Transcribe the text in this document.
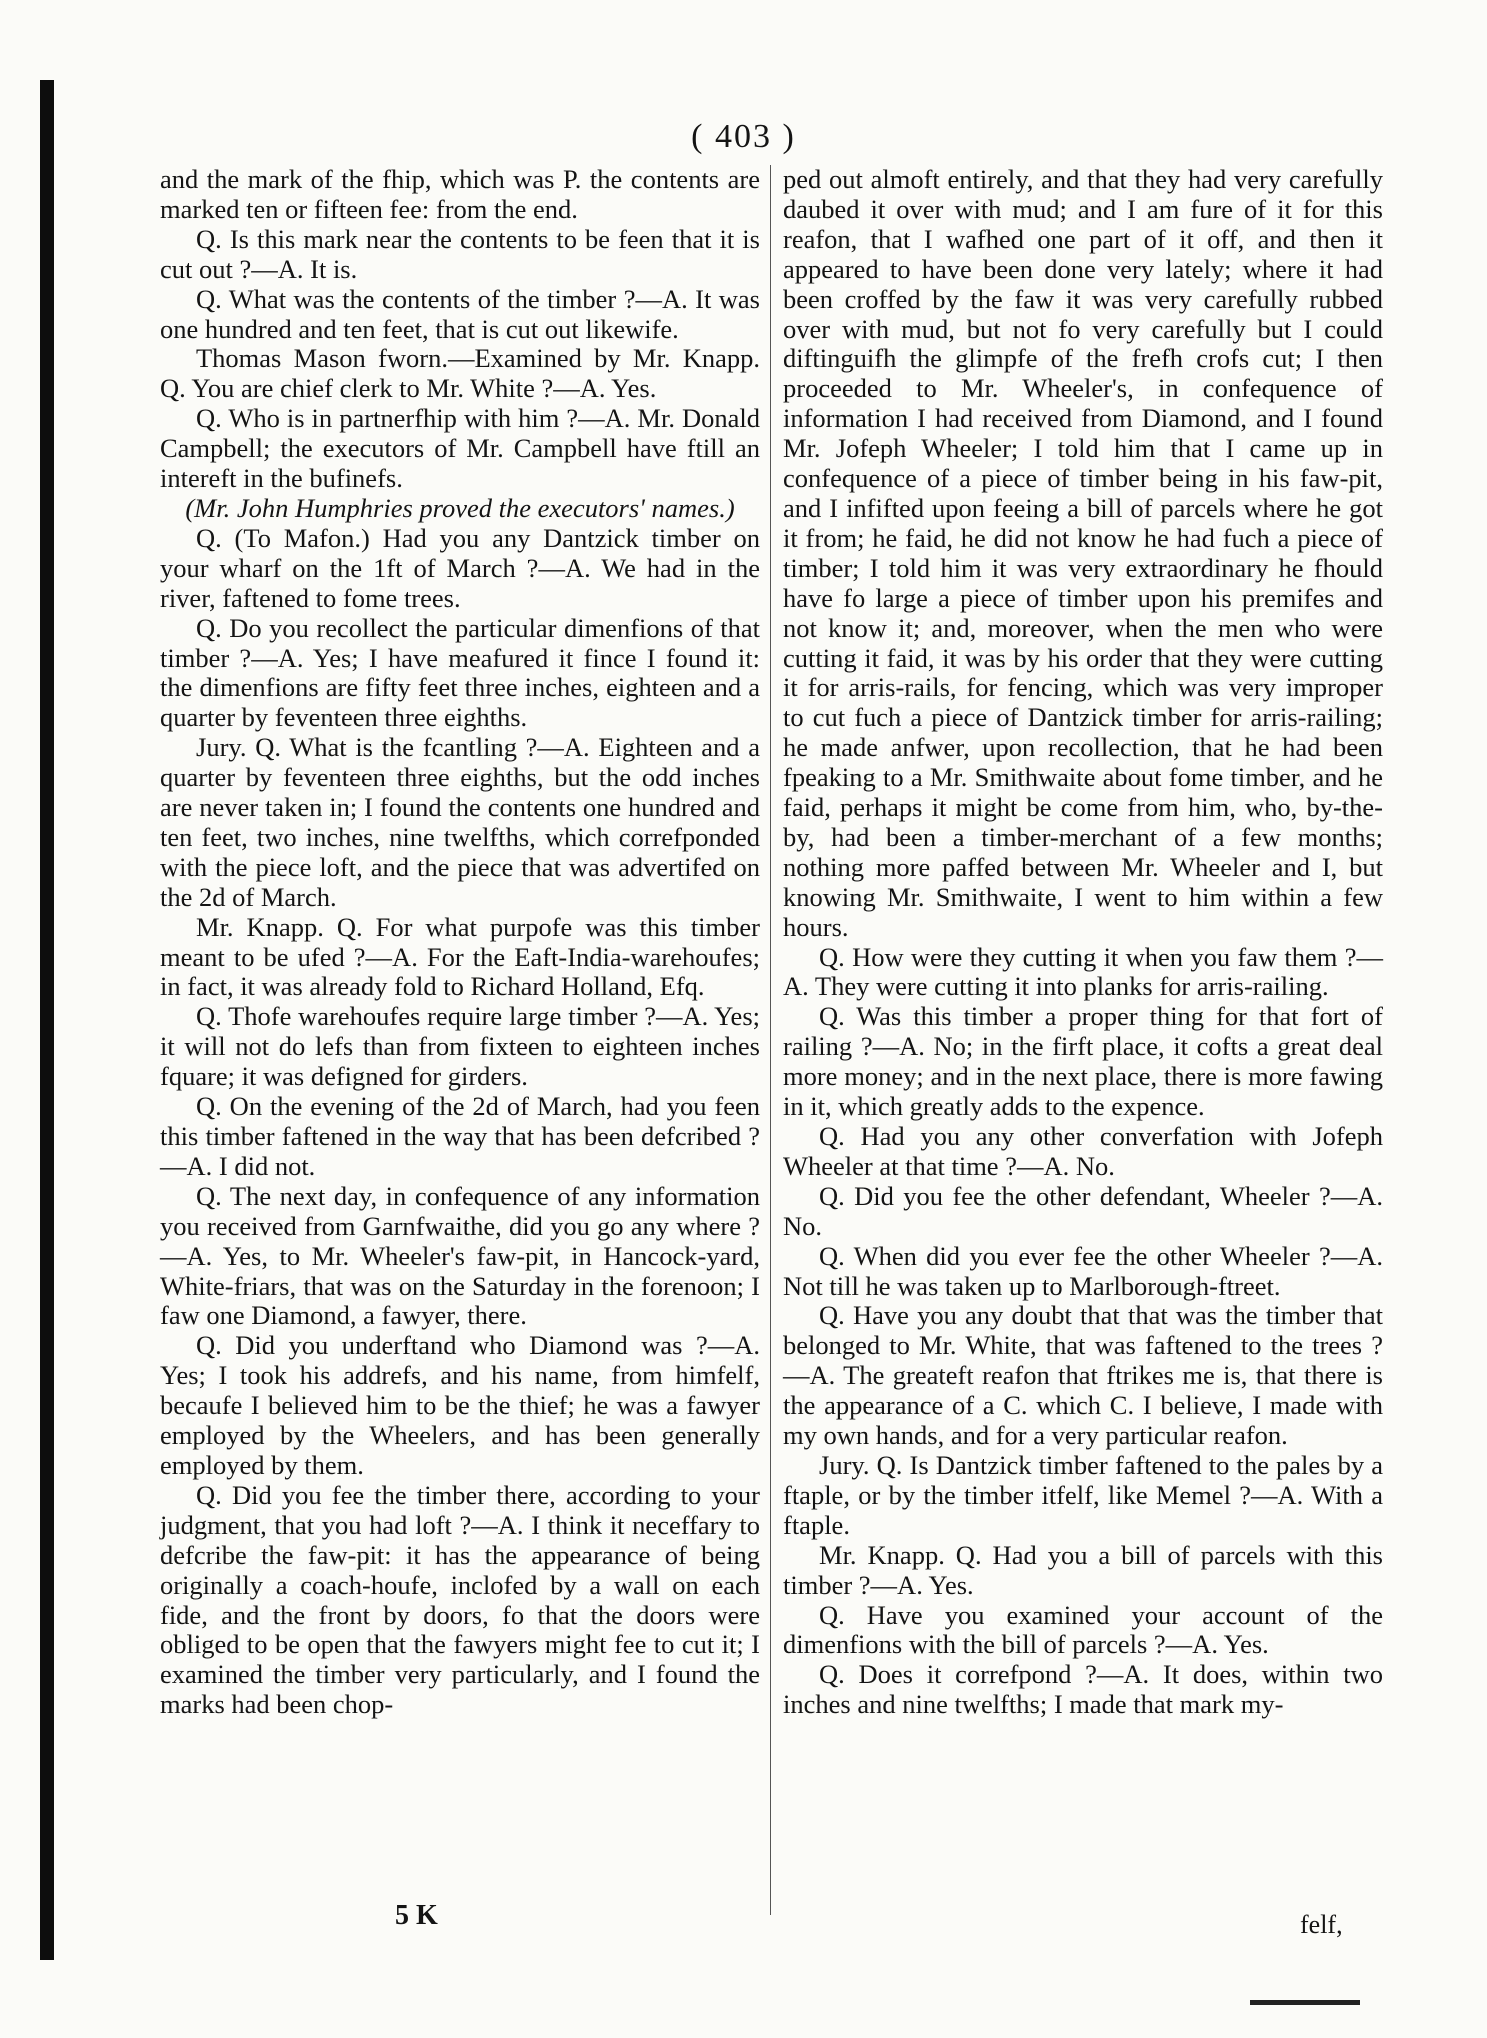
( 403 )

and the mark of the fhip, which was P. the contents are marked ten or fifteen fee: from the end.

Q. Is this mark near the contents to be feen that it is cut out ?—A. It is.

Q. What was the contents of the timber ?—A. It was one hundred and ten feet, that is cut out likewife.

Thomas Mason fworn.—Examined by Mr. Knapp. Q. You are chief clerk to Mr. White ?—A. Yes.

Q. Who is in partnerfhip with him ?—A. Mr. Donald Campbell; the executors of Mr. Campbell have ftill an intereft in the bufinefs.

(Mr. John Humphries proved the executors' names.)

Q. (To Mafon.) Had you any Dantzick timber on your wharf on the 1ft of March ?—A. We had in the river, faftened to fome trees.

Q. Do you recollect the particular dimenfions of that timber ?—A. Yes; I have meafured it fince I found it: the dimenfions are fifty feet three inches, eighteen and a quarter by feventeen three eighths.

Jury. Q. What is the fcantling ?—A. Eighteen and a quarter by feventeen three eighths, but the odd inches are never taken in; I found the contents one hundred and ten feet, two inches, nine twelfths, which correfponded with the piece loft, and the piece that was advertifed on the 2d of March.

Mr. Knapp. Q. For what purpofe was this timber meant to be ufed ?—A. For the Eaft-India-warehoufes; in fact, it was already fold to Richard Holland, Efq.

Q. Thofe warehoufes require large timber ?—A. Yes; it will not do lefs than from fixteen to eighteen inches fquare; it was defigned for girders.

Q. On the evening of the 2d of March, had you feen this timber faftened in the way that has been defcribed ?—A. I did not.

Q. The next day, in confequence of any information you received from Garnfwaithe, did you go any where ?—A. Yes, to Mr. Wheeler's faw-pit, in Hancock-yard, White-friars, that was on the Saturday in the forenoon; I faw one Diamond, a fawyer, there.

Q. Did you underftand who Diamond was ?—A. Yes; I took his addrefs, and his name, from himfelf, becaufe I believed him to be the thief; he was a fawyer employed by the Wheelers, and has been generally employed by them.

Q. Did you fee the timber there, according to your judgment, that you had loft ?—A. I think it neceffary to defcribe the faw-pit: it has the appearance of being originally a coach-houfe, inclofed by a wall on each fide, and the front by doors, fo that the doors were obliged to be open that the fawyers might fee to cut it; I examined the timber very particularly, and I found the marks had been chop-

ped out almoft entirely, and that they had very carefully daubed it over with mud; and I am fure of it for this reafon, that I wafhed one part of it off, and then it appeared to have been done very lately; where it had been croffed by the faw it was very carefully rubbed over with mud, but not fo very carefully but I could diftinguifh the glimpfe of the frefh crofs cut; I then proceeded to Mr. Wheeler's, in confequence of information I had received from Diamond, and I found Mr. Jofeph Wheeler; I told him that I came up in confequence of a piece of timber being in his faw-pit, and I infifted upon feeing a bill of parcels where he got it from; he faid, he did not know he had fuch a piece of timber; I told him it was very extraordinary he fhould have fo large a piece of timber upon his premifes and not know it; and, moreover, when the men who were cutting it faid, it was by his order that they were cutting it for arris-rails, for fencing, which was very improper to cut fuch a piece of Dantzick timber for arris-railing; he made anfwer, upon recollection, that he had been fpeaking to a Mr. Smithwaite about fome timber, and he faid, perhaps it might be come from him, who, by-the-by, had been a timber-merchant of a few months; nothing more paffed between Mr. Wheeler and I, but knowing Mr. Smithwaite, I went to him within a few hours.

Q. How were they cutting it when you faw them ?—A. They were cutting it into planks for arris-railing.

Q. Was this timber a proper thing for that fort of railing ?—A. No; in the firft place, it cofts a great deal more money; and in the next place, there is more fawing in it, which greatly adds to the expence.

Q. Had you any other converfation with Jofeph Wheeler at that time ?—A. No.

Q. Did you fee the other defendant, Wheeler ?—A. No.

Q. When did you ever fee the other Wheeler ?—A. Not till he was taken up to Marlborough-ftreet.

Q. Have you any doubt that that was the timber that belonged to Mr. White, that was faftened to the trees ?—A. The greateft reafon that ftrikes me is, that there is the appearance of a C. which C. I believe, I made with my own hands, and for a very particular reafon.

Jury. Q. Is Dantzick timber faftened to the pales by a ftaple, or by the timber itfelf, like Memel ?—A. With a ftaple.

Mr. Knapp. Q. Had you a bill of parcels with this timber ?—A. Yes.

Q. Have you examined your account of the dimenfions with the bill of parcels ?—A. Yes.

Q. Does it correfpond ?—A. It does, within two inches and nine twelfths; I made that mark my-

5 K	felf,
